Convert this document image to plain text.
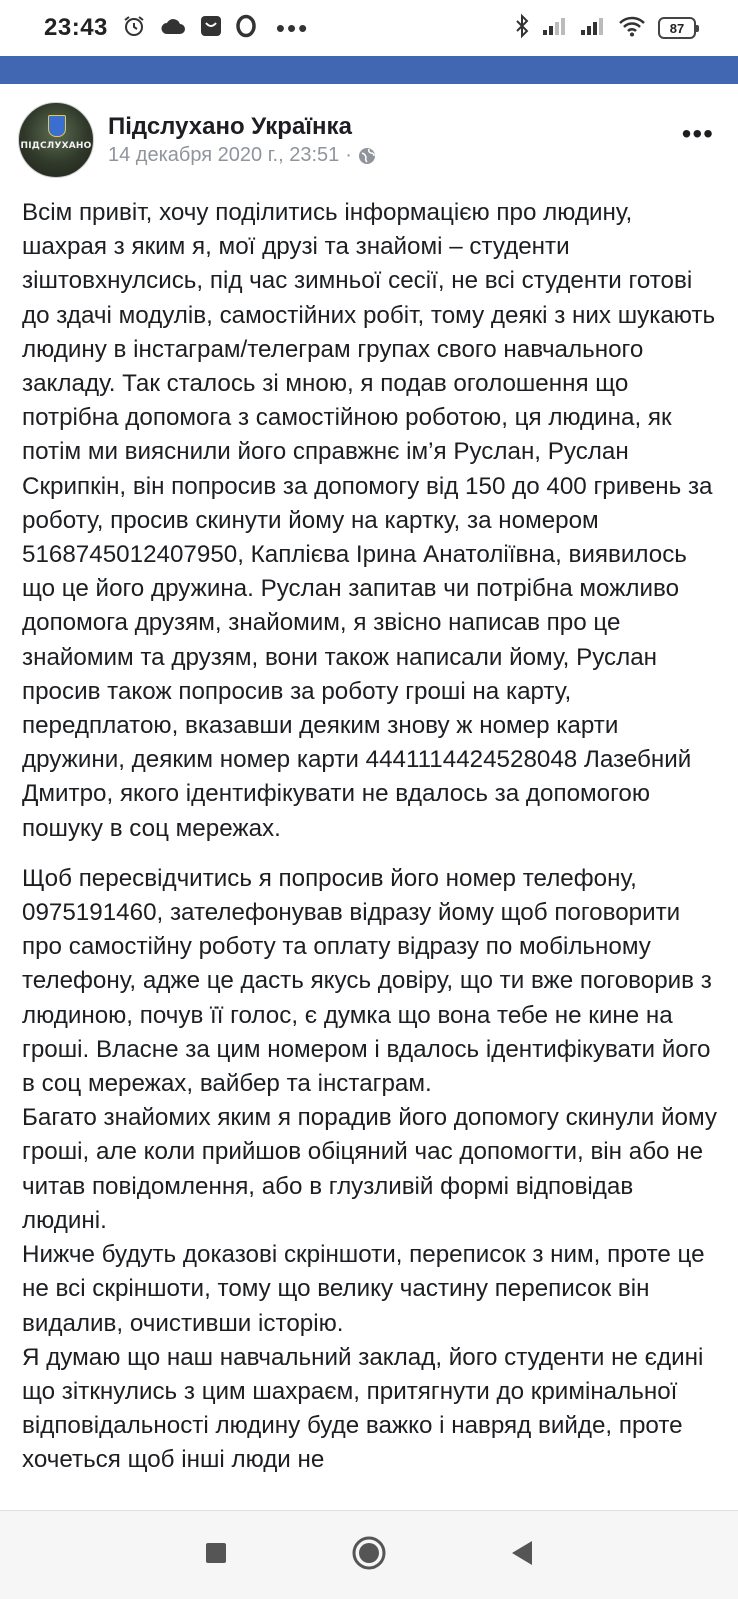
23:43	•••	87
ПІДСЛУХАНО
Підслухано Українка
14 декабря 2020 г., 23:51 ·
•••

Всім привіт, хочу поділитись інформацією про людину, шахрая з яким я, мої друзі та знайомі – студенти зіштовхнулсись, під час зимньої сесії, не всі студенти готові до здачі модулів, самостійних робіт, тому деякі з них шукають людину в інстаграм/телеграм групах свого навчального закладу. Так сталось зі мною, я подав оголошення що потрібна допомога з самостійною роботою, ця людина, як потім ми вияснили його справжнє ім’я Руслан, Руслан Скрипкін, він попросив за допомогу від 150 до 400 гривень за роботу, просив скинути йому на картку, за номером 5168745012407950, Каплієва Ірина Анатоліївна, виявилось що це його дружина. Руслан запитав чи потрібна можливо допомога друзям, знайомим, я звісно написав про це знайомим та друзям, вони також написали йому, Руслан просив також попросив за роботу гроші на карту, передплатою, вказавши деяким знову ж номер карти дружини, деяким номер карти 4441114424528048 Лазебний Дмитро, якого ідентифікувати не вдалось за допомогою пошуку в соц мережах.

Щоб пересвідчитись я попросив його номер телефону, 0975191460, зателефонував відразу йому щоб поговорити про самостійну роботу та оплату відразу по мобільному телефону, адже це дасть якусь довіру, що ти вже поговорив з людиною, почув її голос, є думка що вона тебе не кине на гроші. Власне за цим номером і вдалось ідентифікувати його в соц мережах, вайбер та інстаграм.

Багато знайомих яким я порадив його допомогу скинули йому гроші, але коли прийшов обіцяний час допомогти, він або не читав повідомлення, або в глузливій формі відповідав людині.

Нижче будуть доказові скріншоти, переписок з ним, проте це не всі скріншоти, тому що велику частину переписок він видалив, очистивши історію.

Я думаю що наш навчальний заклад, його студенти не єдині що зіткнулись з цим шахраєм, притягнути до кримінальної відповідальності людину буде важко і навряд вийде, проте хочеться щоб інші люди не
